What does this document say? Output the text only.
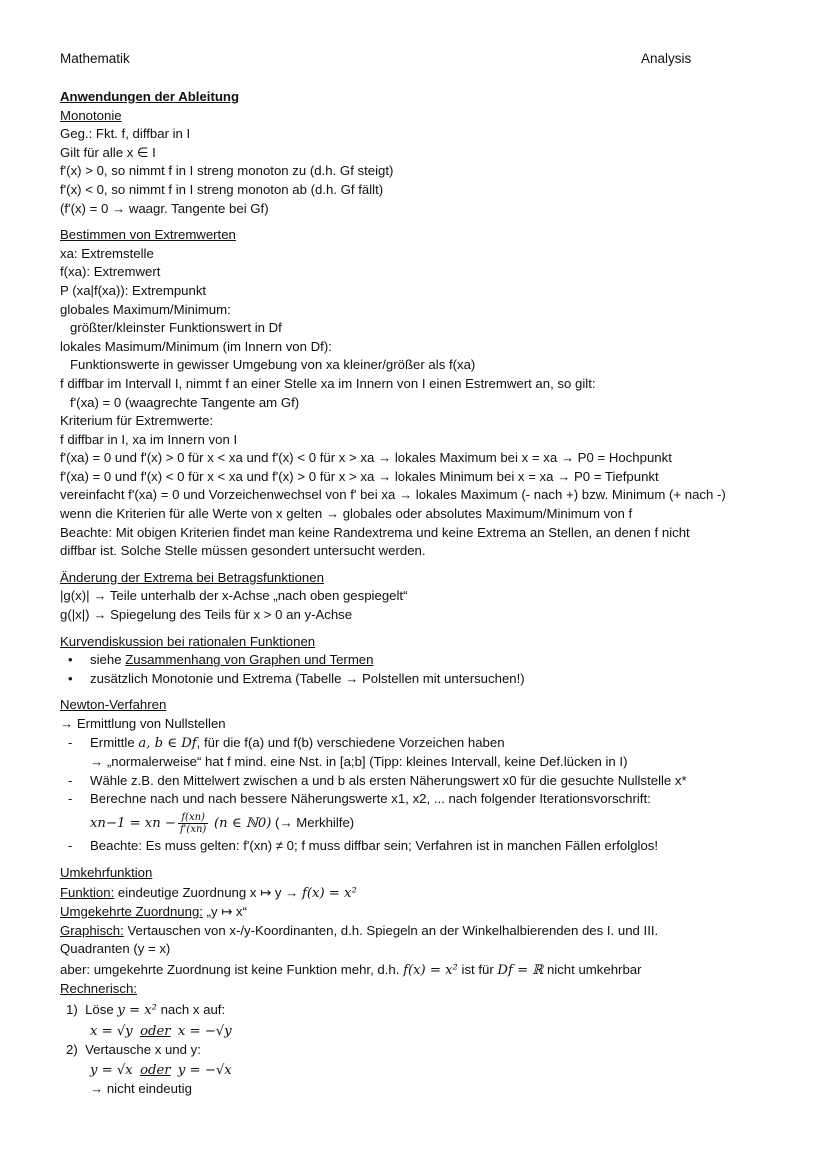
Mathematik	Analysis

Anwendungen der Ableitung

Monotonie

Geg.: Fkt. f, diffbar in I

Gilt für alle x ∈ I

f'(x) > 0, so nimmt f in I streng monoton zu (d.h. Gf steigt)

f'(x) < 0, so nimmt f in I streng monoton ab (d.h. Gf fällt)

(f'(x) = 0 → waagr. Tangente bei Gf)

Bestimmen von Extremwerten

xa: Extremstelle

f(xa): Extremwert

P (xa|f(xa)): Extrempunkt

globales Maximum/Minimum:

größter/kleinster Funktionswert in Df

lokales Masimum/Minimum (im Innern von Df):

Funktionswerte in gewisser Umgebung von xa kleiner/größer als f(xa)

f diffbar im Intervall I, nimmt f an einer Stelle xa im Innern von I einen Estremwert an, so gilt:

f'(xa) = 0 (waagrechte Tangente am Gf)

Kriterium für Extremwerte:

f diffbar in I, xa im Innern von I

f'(xa) = 0 und f'(x) > 0 für x < xa und f'(x) < 0 für x > xa → lokales Maximum bei x = xa → P0 = Hochpunkt

f'(xa) = 0 und f'(x) < 0 für x < xa und f'(x) > 0 für x > xa → lokales Minimum bei x = xa → P0 = Tiefpunkt

vereinfacht f'(xa) = 0 und Vorzeichenwechsel von f' bei xa → lokales Maximum (- nach +) bzw. Minimum (+ nach -)

wenn die Kriterien für alle Werte von x gelten → globales oder absolutes Maximum/Minimum von f

Beachte: Mit obigen Kriterien findet man keine Randextrema und keine Extrema an Stellen, an denen f nicht

diffbar ist. Solche Stelle müssen gesondert untersucht werden.

Änderung der Extrema bei Betragsfunktionen

|g(x)| → Teile unterhalb der x-Achse „nach oben gespiegelt“

g(|x|) → Spiegelung des Teils für x > 0 an y-Achse

Kurvendiskussion bei rationalen Funktionen

• siehe Zusammenhang von Graphen und Termen

• zusätzlich Monotonie und Extrema (Tabelle → Polstellen mit untersuchen!)

Newton-Verfahren

→ Ermittlung von Nullstellen

- Ermittle a, b ∈ Df, für die f(a) und f(b) verschiedene Vorzeichen haben

→ „normalerweise“ hat f mind. eine Nst. in [a;b] (Tipp: kleines Intervall, keine Def.lücken in I)

- Wähle z.B. den Mittelwert zwischen a und b als ersten Näherungswert x0 für die gesuchte Nullstelle x*

- Berechne nach und nach bessere Näherungswerte x1, x2, ... nach folgender Iterationsvorschrift:

xn−1 = xn − $\frac{f(xn)}{f'(xn)} (n$ ∈ ℕ0) (→ Merkhilfe)

- Beachte: Es muss gelten: f'(xn) ≠ 0; f muss diffbar sein; Verfahren ist in manchen Fällen erfolglos!

Umkehrfunktion

Funktion: eindeutige Zuordnung x ↦ y → f(x) = x²

Umgekehrte Zuordnung: „y ↦ x“

Graphisch: Vertauschen von x-/y-Koordinanten, d.h. Spiegeln an der Winkelhalbierenden des I. und III.

Quadranten (y = x)

aber: umgekehrte Zuordnung ist keine Funktion mehr, d.h. f(x) = x² ist für Df = ℝ nicht umkehrbar

Rechnerisch:

1) Löse y = x² nach x auf:

x = √y oder x = −√y

2) Vertausche x und y:

y = √x oder y = −√x

→ nicht eindeutig
